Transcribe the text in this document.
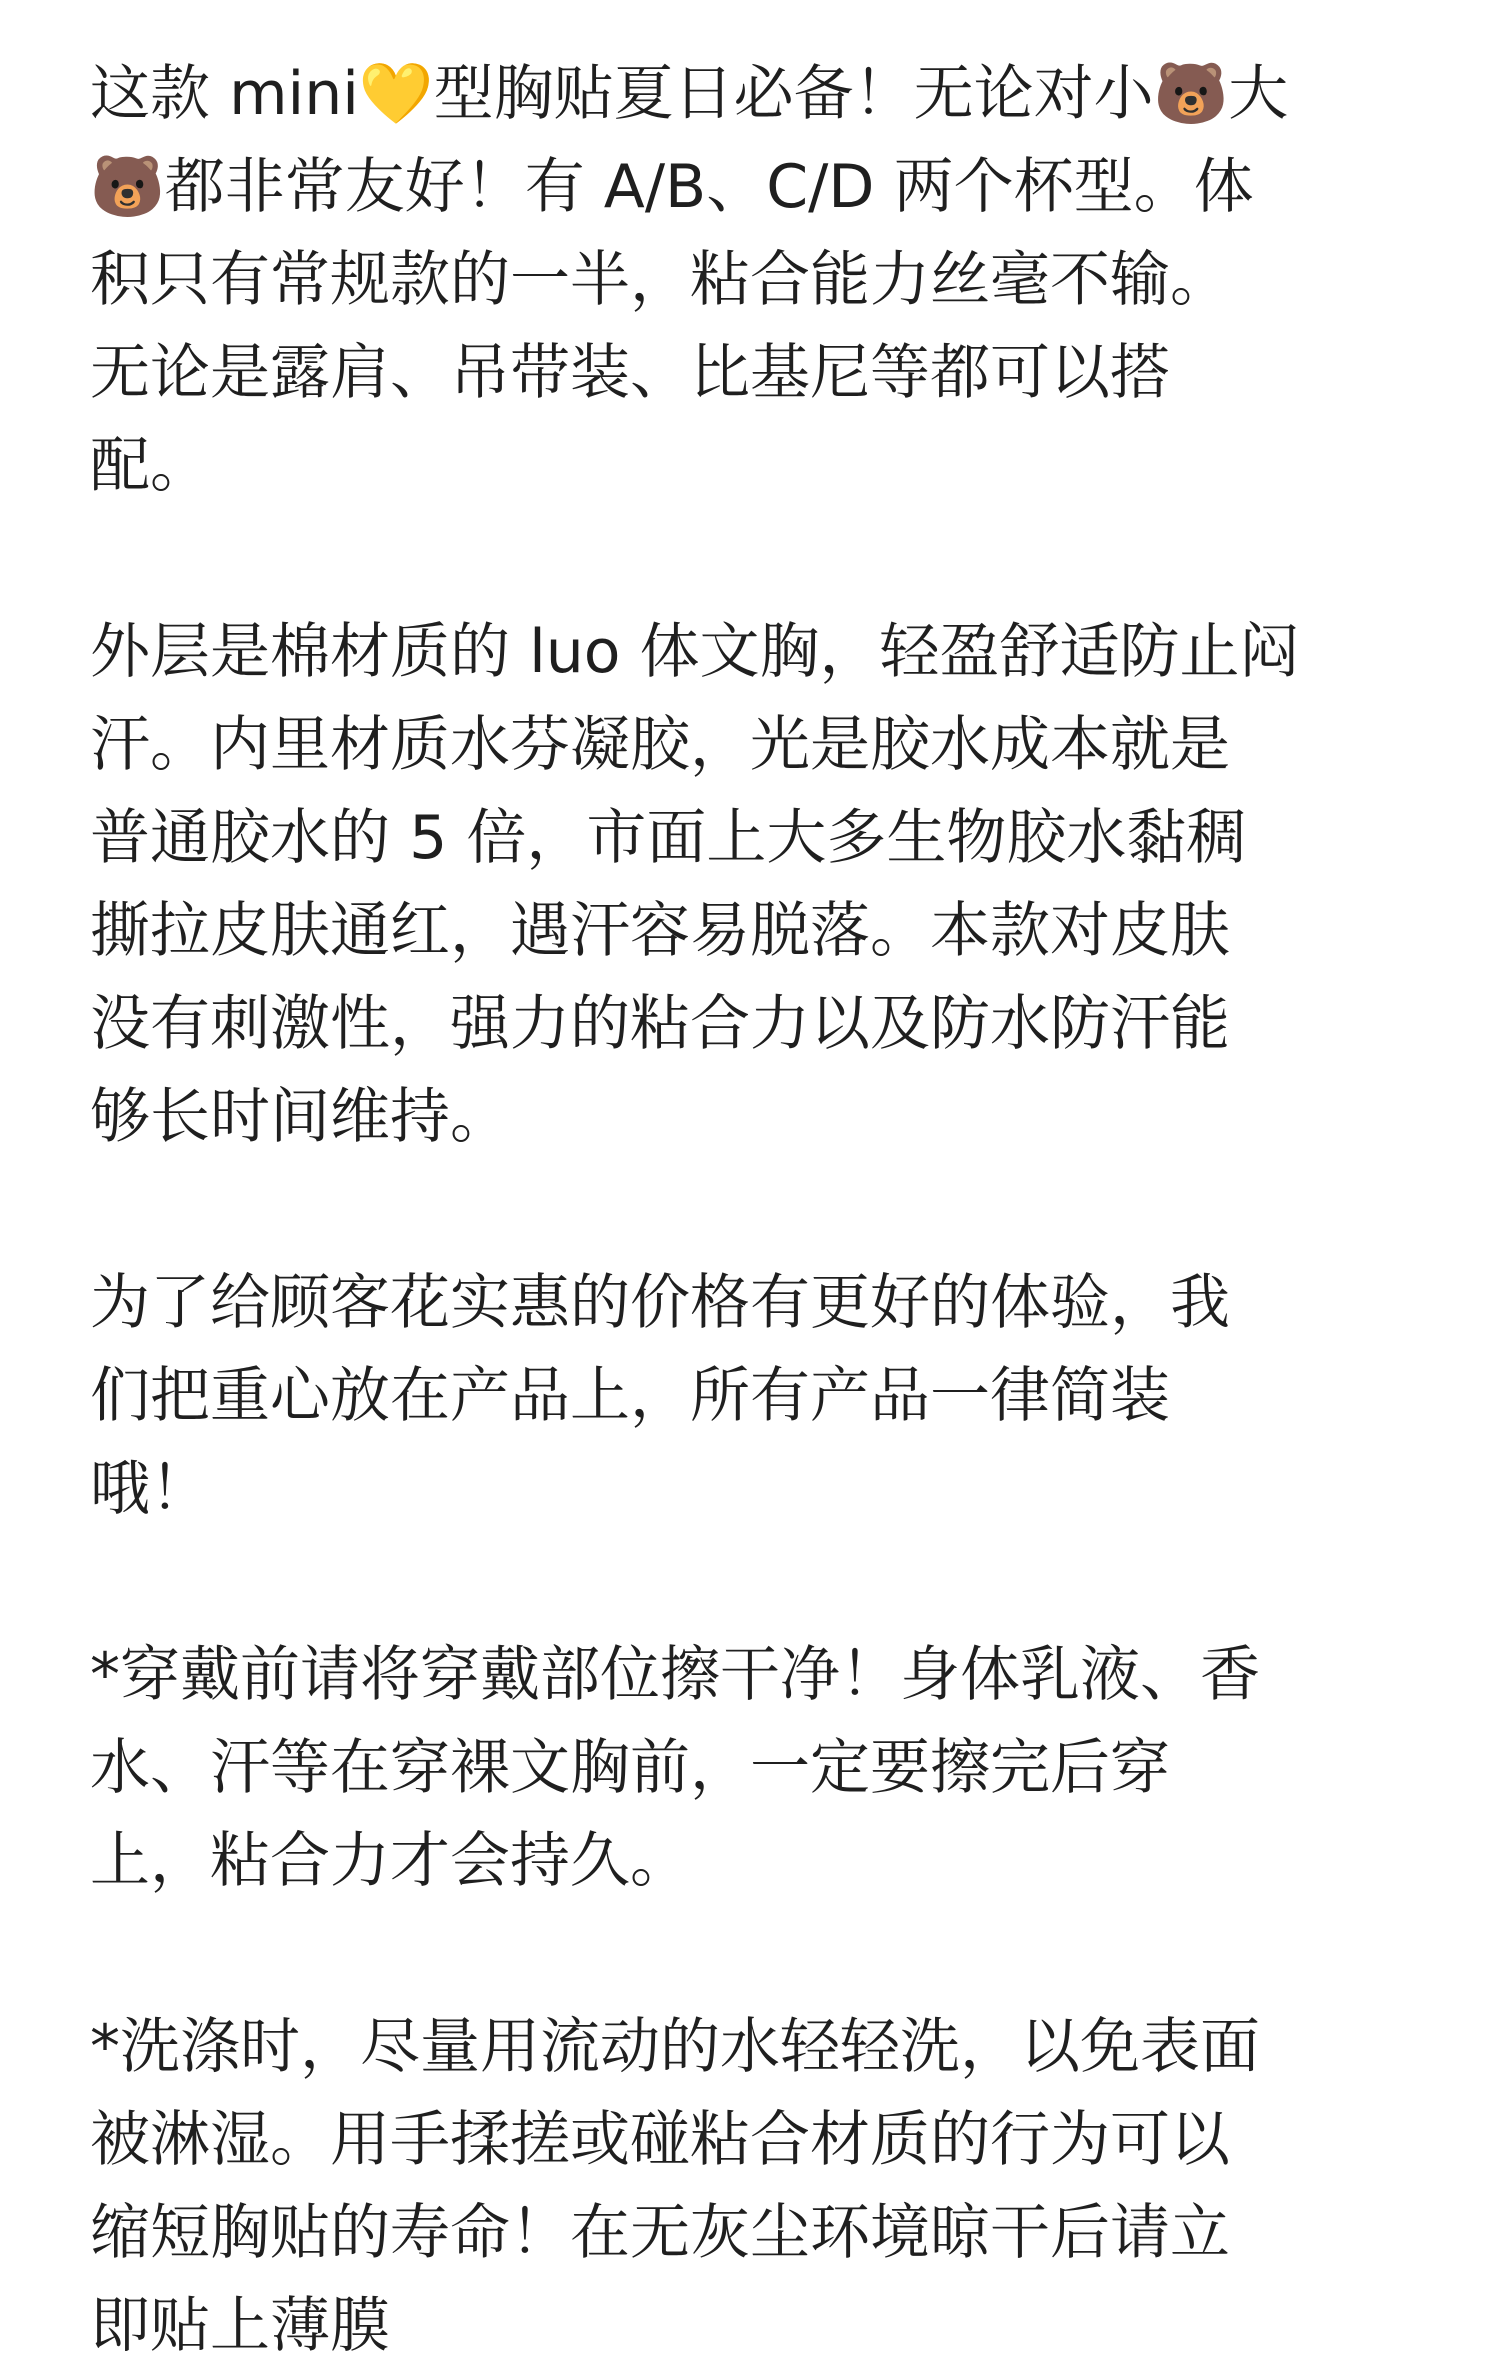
这款 mini💛型胸贴夏日必备！无论对小🐻大
🐻都非常友好！有 A/B、C/D 两个杯型。体
积只有常规款的一半，粘合能力丝毫不输。
无论是露肩、吊带装、比基尼等都可以搭
配。

外层是棉材质的 luo 体文胸，轻盈舒适防止闷
汗。内里材质水芬凝胶，光是胶水成本就是
普通胶水的 5 倍，市面上大多生物胶水黏稠
撕拉皮肤通红，遇汗容易脱落。本款对皮肤
没有刺激性，强力的粘合力以及防水防汗能
够长时间维持。

为了给顾客花实惠的价格有更好的体验，我
们把重心放在产品上，所有产品一律简装
哦！

*穿戴前请将穿戴部位擦干净！身体乳液、香
水、汗等在穿裸文胸前，一定要擦完后穿
上，粘合力才会持久。

*洗涤时，尽量用流动的水轻轻洗，以免表面
被淋湿。用手揉搓或碰粘合材质的行为可以
缩短胸贴的寿命！在无灰尘环境晾干后请立
即贴上薄膜
